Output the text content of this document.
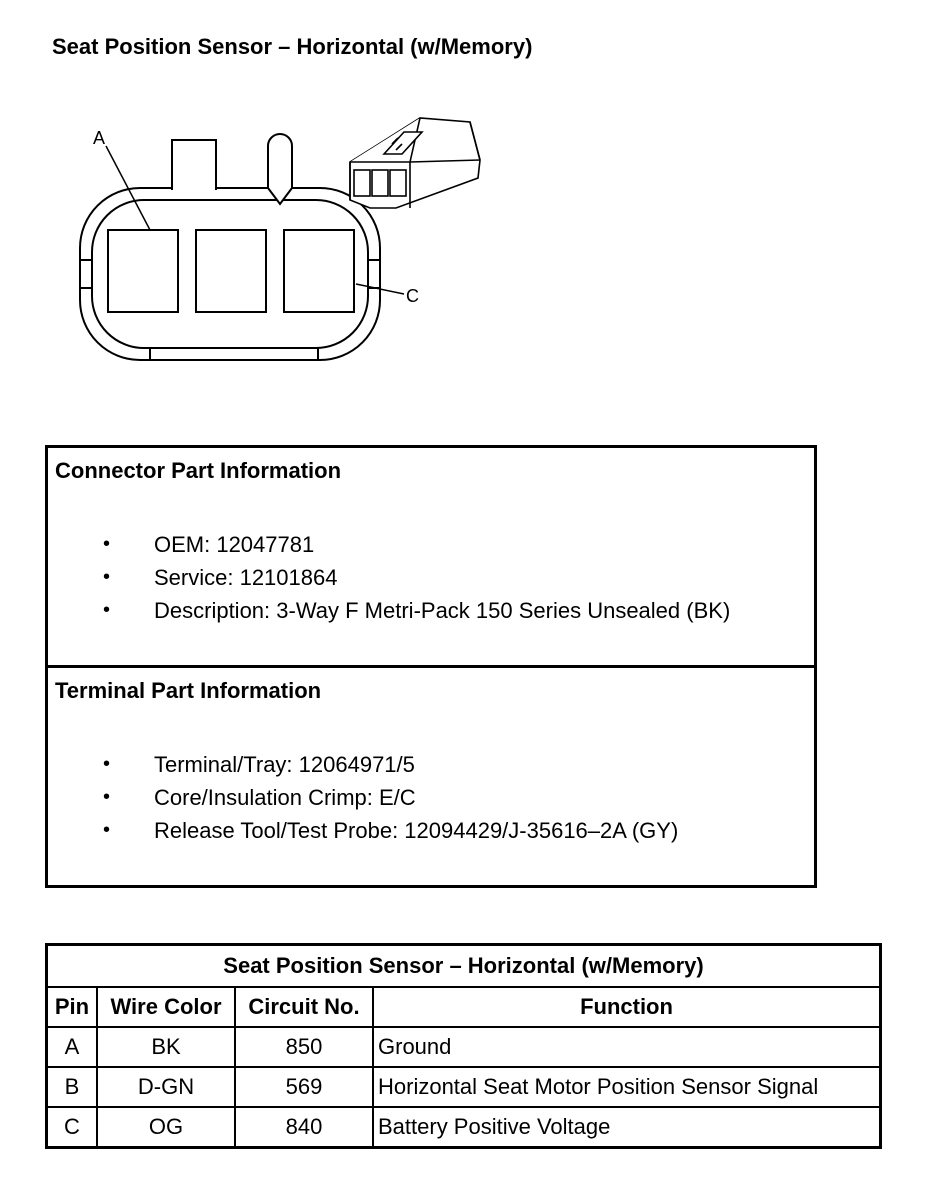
Seat Position Sensor – Horizontal (w/Memory)
A
C
Connector Part Information
• OEM: 12047781
• Service: 12101864
• Description: 3-Way F Metri-Pack 150 Series Unsealed (BK)
Terminal Part Information
• Terminal/Tray: 12064971/5
• Core/Insulation Crimp: E/C
• Release Tool/Test Probe: 12094429/J-35616–2A (GY)
Seat Position Sensor – Horizontal (w/Memory)			
Pin	Wire Color	Circuit No.	Function
A	BK	850	Ground
B	D-GN	569	Horizontal Seat Motor Position Sensor Signal
C	OG	840	Battery Positive Voltage
